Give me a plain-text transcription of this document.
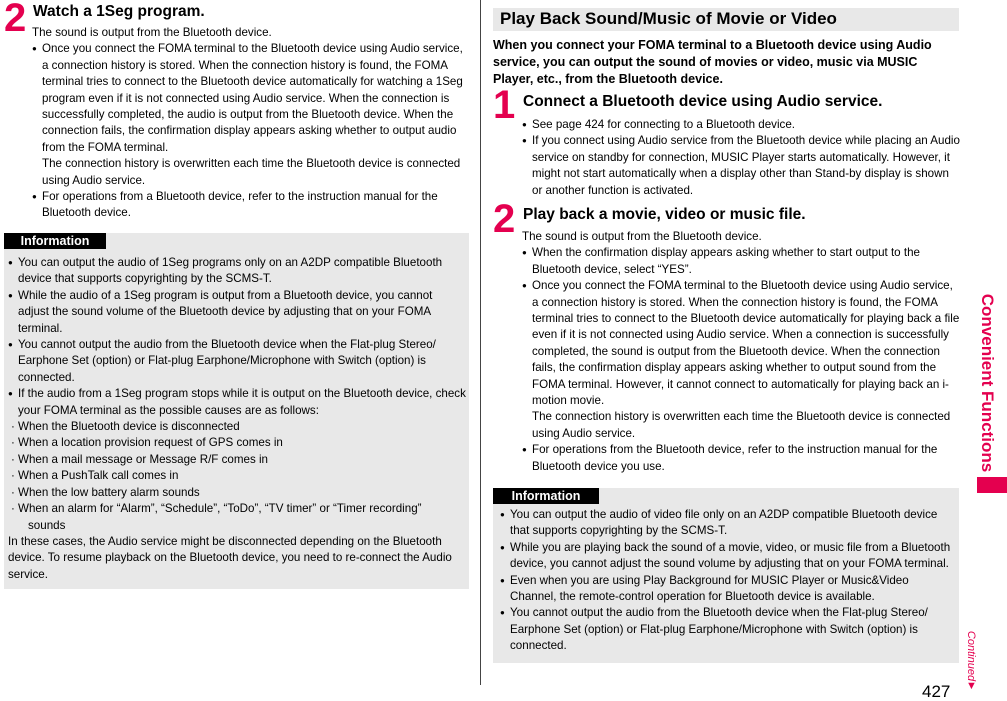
2 Watch a 1Seg program.
The sound is output from the Bluetooth device.
● Once you connect the FOMA terminal to the Bluetooth device using Audio service, a connection history is stored. When the connection history is found, the FOMA terminal tries to connect to the Bluetooth device automatically for watching a 1Seg program even if it is not connected using Audio service. When the connection is successfully completed, the audio is output from the Bluetooth device. When the connection fails, the confirmation display appears asking whether to output audio from the FOMA terminal.
The connection history is overwritten each time the Bluetooth device is connected using Audio service.
● For operations from a Bluetooth device, refer to the instruction manual for the Bluetooth device.
Information
● You can output the audio of 1Seg programs only on an A2DP compatible Bluetooth device that supports copyrighting by the SCMS-T.
● While the audio of a 1Seg program is output from a Bluetooth device, you cannot adjust the sound volume of the Bluetooth device by adjusting that on your FOMA terminal.
● You cannot output the audio from the Bluetooth device when the Flat-plug Stereo/ Earphone Set (option) or Flat-plug Earphone/Microphone with Switch (option) is connected.
● If the audio from a 1Seg program stops while it is output on the Bluetooth device, check your FOMA terminal as the possible causes are as follows:
· When the Bluetooth device is disconnected
· When a location provision request of GPS comes in
· When a mail message or Message R/F comes in
· When a PushTalk call comes in
· When the low battery alarm sounds
· When an alarm for “Alarm”, “Schedule”, “ToDo”, “TV timer” or “Timer recording”
sounds
In these cases, the Audio service might be disconnected depending on the Bluetooth device. To resume playback on the Bluetooth device, you need to re-connect the Audio service.
Play Back Sound/Music of Movie or Video
When you connect your FOMA terminal to a Bluetooth device using Audio service, you can output the sound of movies or video, music via MUSIC Player, etc., from the Bluetooth device.
1 Connect a Bluetooth device using Audio service.
● See page 424 for connecting to a Bluetooth device.
● If you connect using Audio service from the Bluetooth device while placing an Audio service on standby for connection, MUSIC Player starts automatically. However, it might not start automatically when a display other than Stand-by display is shown or another function is activated.
2 Play back a movie, video or music file.
The sound is output from the Bluetooth device.
● When the confirmation display appears asking whether to start output to the Bluetooth device, select “YES”.
● Once you connect the FOMA terminal to the Bluetooth device using Audio service, a connection history is stored. When the connection history is found, the FOMA terminal tries to connect to the Bluetooth device automatically for playing back a file even if it is not connected using Audio service. When a connection is successfully completed, the sound is output from the Bluetooth device. When the connection fails, the confirmation display appears asking whether to output sound from the FOMA terminal. However, it cannot connect to automatically for playing back an i-motion movie.
The connection history is overwritten each time the Bluetooth device is connected using Audio service.
● For operations from the Bluetooth device, refer to the instruction manual for the Bluetooth device you use.
Information
● You can output the audio of video file only on an A2DP compatible Bluetooth device that supports copyrighting by the SCMS-T.
● While you are playing back the sound of a movie, video, or music file from a Bluetooth device, you cannot adjust the sound volume by adjusting that on your FOMA terminal.
● Even when you are using Play Background for MUSIC Player or Music&Video Channel, the remote-control operation for Bluetooth device is available.
● You cannot output the audio from the Bluetooth device when the Flat-plug Stereo/ Earphone Set (option) or Flat-plug Earphone/Microphone with Switch (option) is connected.
Convenient Functions
Continued
▼
427
